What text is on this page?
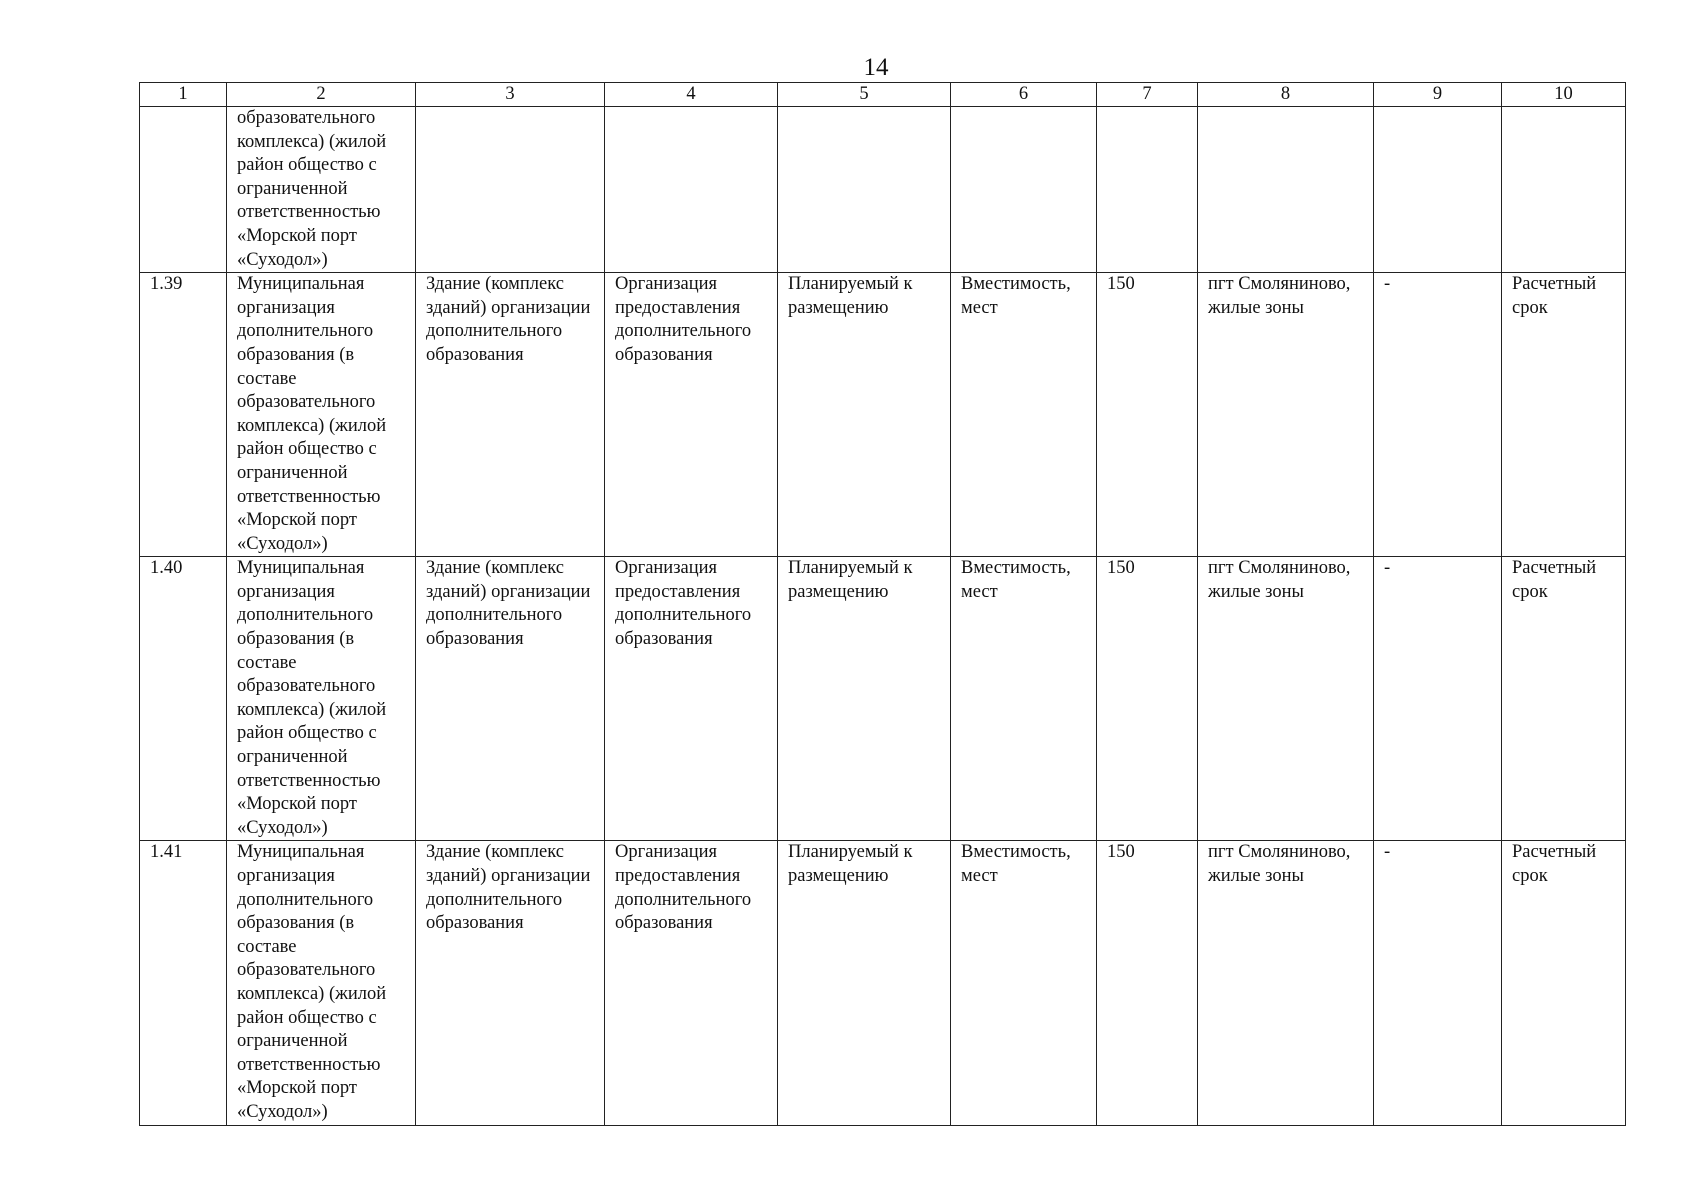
14
1	2	3	4	5	6	7	8	9	10
	образовательного комплекса) (жилой район общество с ограниченной ответственностью «Морской порт «Суходол»)								
1.39	Муниципальная организация дополнительного образования (в составе образовательного комплекса) (жилой район общество с ограниченной ответственностью «Морской порт «Суходол»)	Здание (комплекс зданий) организации дополнительного образования	Организация предоставления дополнительного образования	Планируемый к размещению	Вместимость, мест	150	пгт Смоляниново, жилые зоны	-	Расчетный срок
1.40	Муниципальная организация дополнительного образования (в составе образовательного комплекса) (жилой район общество с ограниченной ответственностью «Морской порт «Суходол»)	Здание (комплекс зданий) организации дополнительного образования	Организация предоставления дополнительного образования	Планируемый к размещению	Вместимость, мест	150	пгт Смоляниново, жилые зоны	-	Расчетный срок
1.41	Муниципальная организация дополнительного образования (в составе образовательного комплекса) (жилой район общество с ограниченной ответственностью «Морской порт «Суходол»)	Здание (комплекс зданий) организации дополнительного образования	Организация предоставления дополнительного образования	Планируемый к размещению	Вместимость, мест	150	пгт Смоляниново, жилые зоны	-	Расчетный срок
